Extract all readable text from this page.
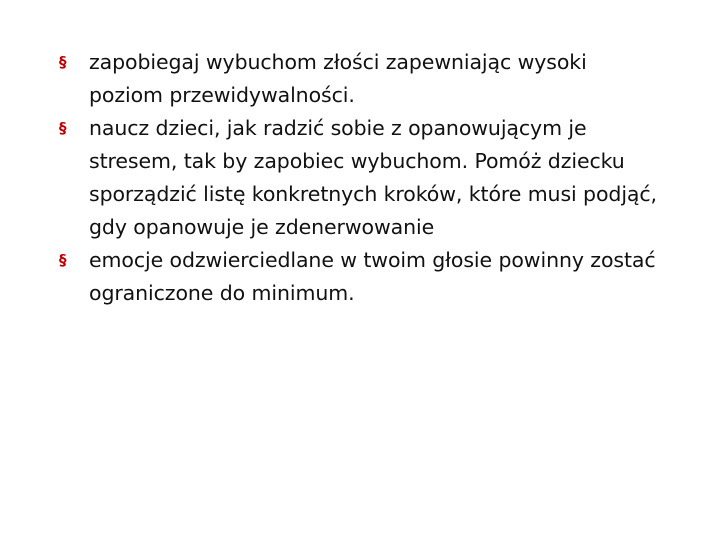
§ zapobiegaj wybuchom złości zapewniając wysoki poziom przewidywalności.
§ naucz dzieci, jak radzić sobie z opanowującym je stresem, tak by zapobiec wybuchom. Pomóż dziecku sporządzić listę konkretnych kroków, które musi podjąć, gdy opanowuje je zdenerwowanie
§ emocje odzwierciedlane w twoim głosie powinny zostać ograniczone do minimum.
